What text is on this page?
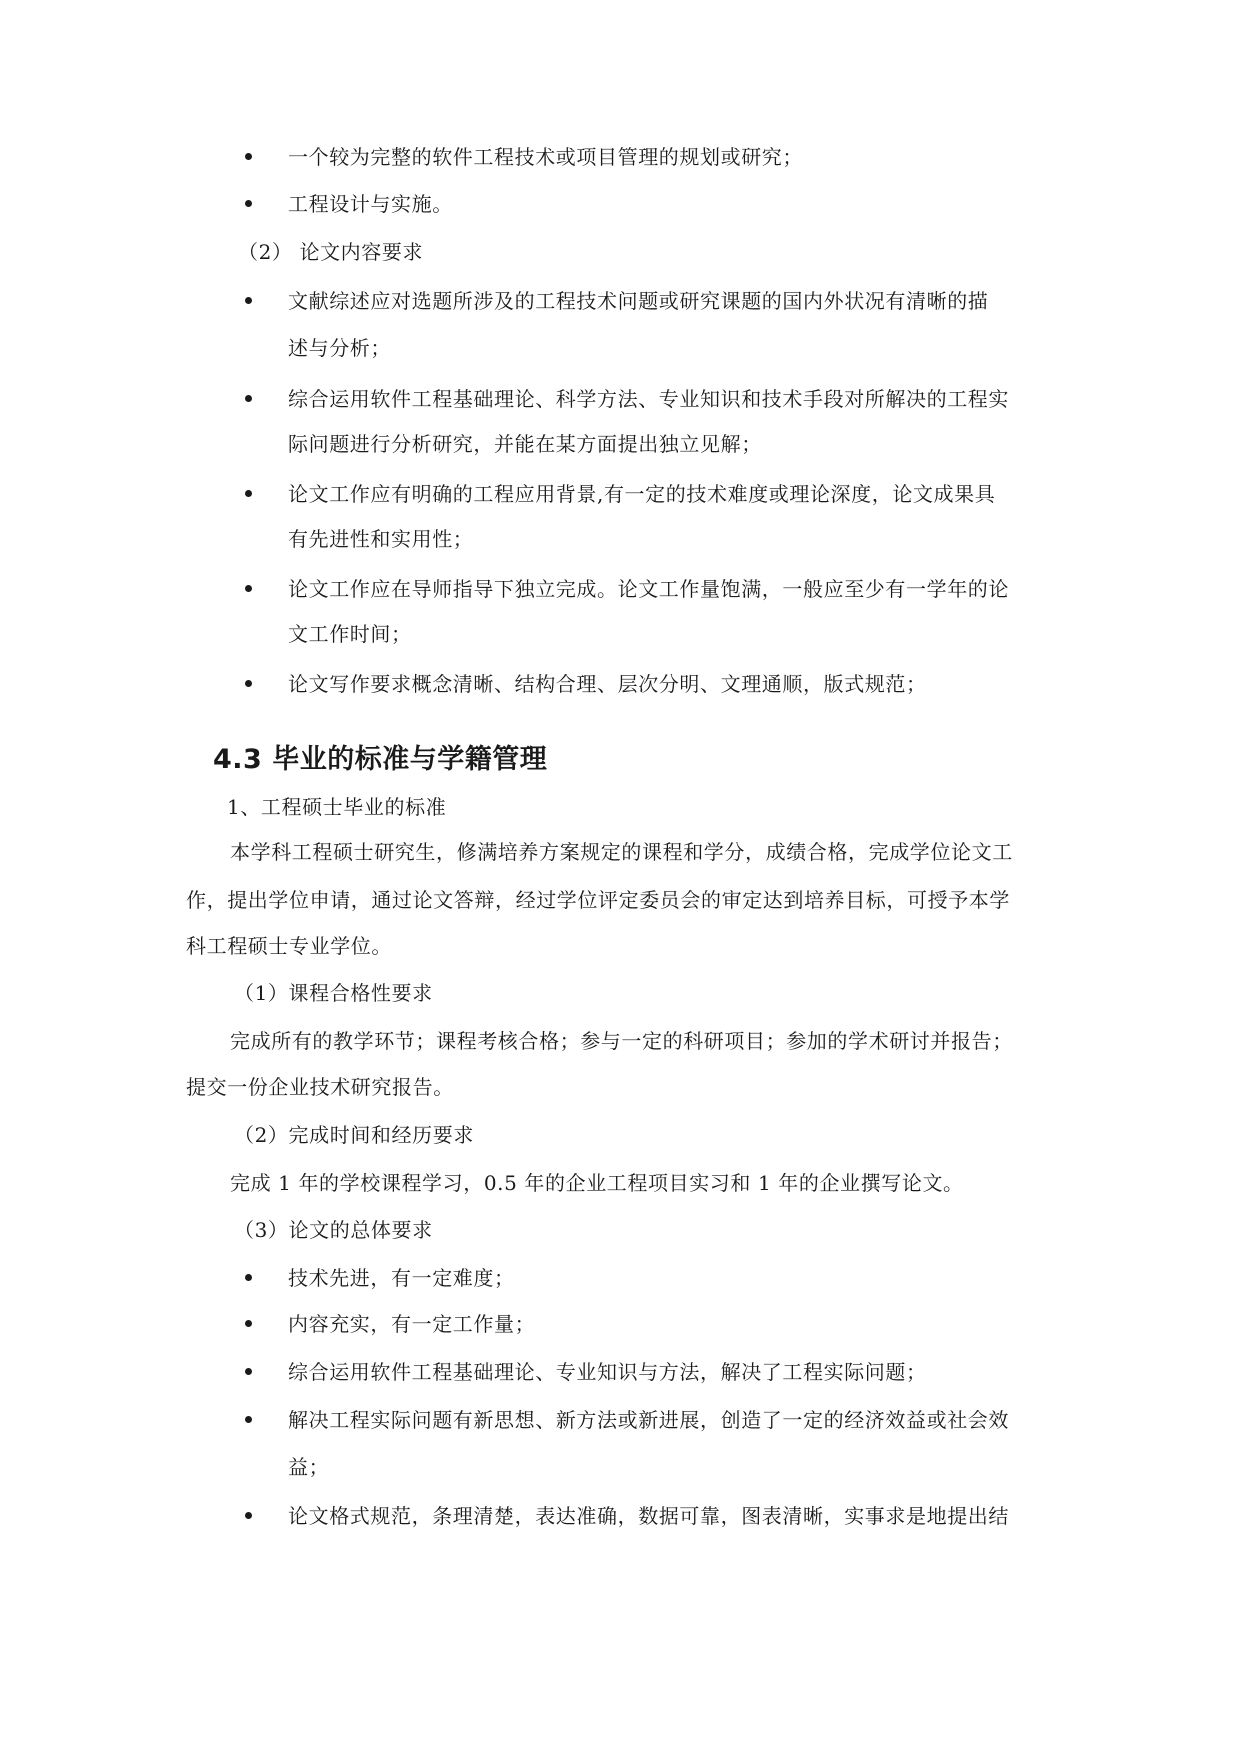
一个较为完整的软件工程技术或项目管理的规划或研究；
工程设计与实施。
（2） 论文内容要求
文献综述应对选题所涉及的工程技术问题或研究课题的国内外状况有清晰的描
述与分析；
综合运用软件工程基础理论、科学方法、专业知识和技术手段对所解决的工程实
际问题进行分析研究，并能在某方面提出独立见解；
论文工作应有明确的工程应用背景,有一定的技术难度或理论深度，论文成果具
有先进性和实用性；
论文工作应在导师指导下独立完成。论文工作量饱满，一般应至少有一学年的论
文工作时间；
论文写作要求概念清晰、结构合理、层次分明、文理通顺，版式规范；
4.3 毕业的标准与学籍管理
1、工程硕士毕业的标准
本学科工程硕士研究生，修满培养方案规定的课程和学分，成绩合格，完成学位论文工
作，提出学位申请，通过论文答辩，经过学位评定委员会的审定达到培养目标，可授予本学
科工程硕士专业学位。
（1）课程合格性要求
完成所有的教学环节；课程考核合格；参与一定的科研项目；参加的学术研讨并报告；
提交一份企业技术研究报告。
（2）完成时间和经历要求
完成 1 年的学校课程学习，0.5 年的企业工程项目实习和 1 年的企业撰写论文。
（3）论文的总体要求
技术先进，有一定难度；
内容充实，有一定工作量；
综合运用软件工程基础理论、专业知识与方法，解决了工程实际问题；
解决工程实际问题有新思想、新方法或新进展，创造了一定的经济效益或社会效
益；
论文格式规范，条理清楚，表达准确，数据可靠，图表清晰，实事求是地提出结
